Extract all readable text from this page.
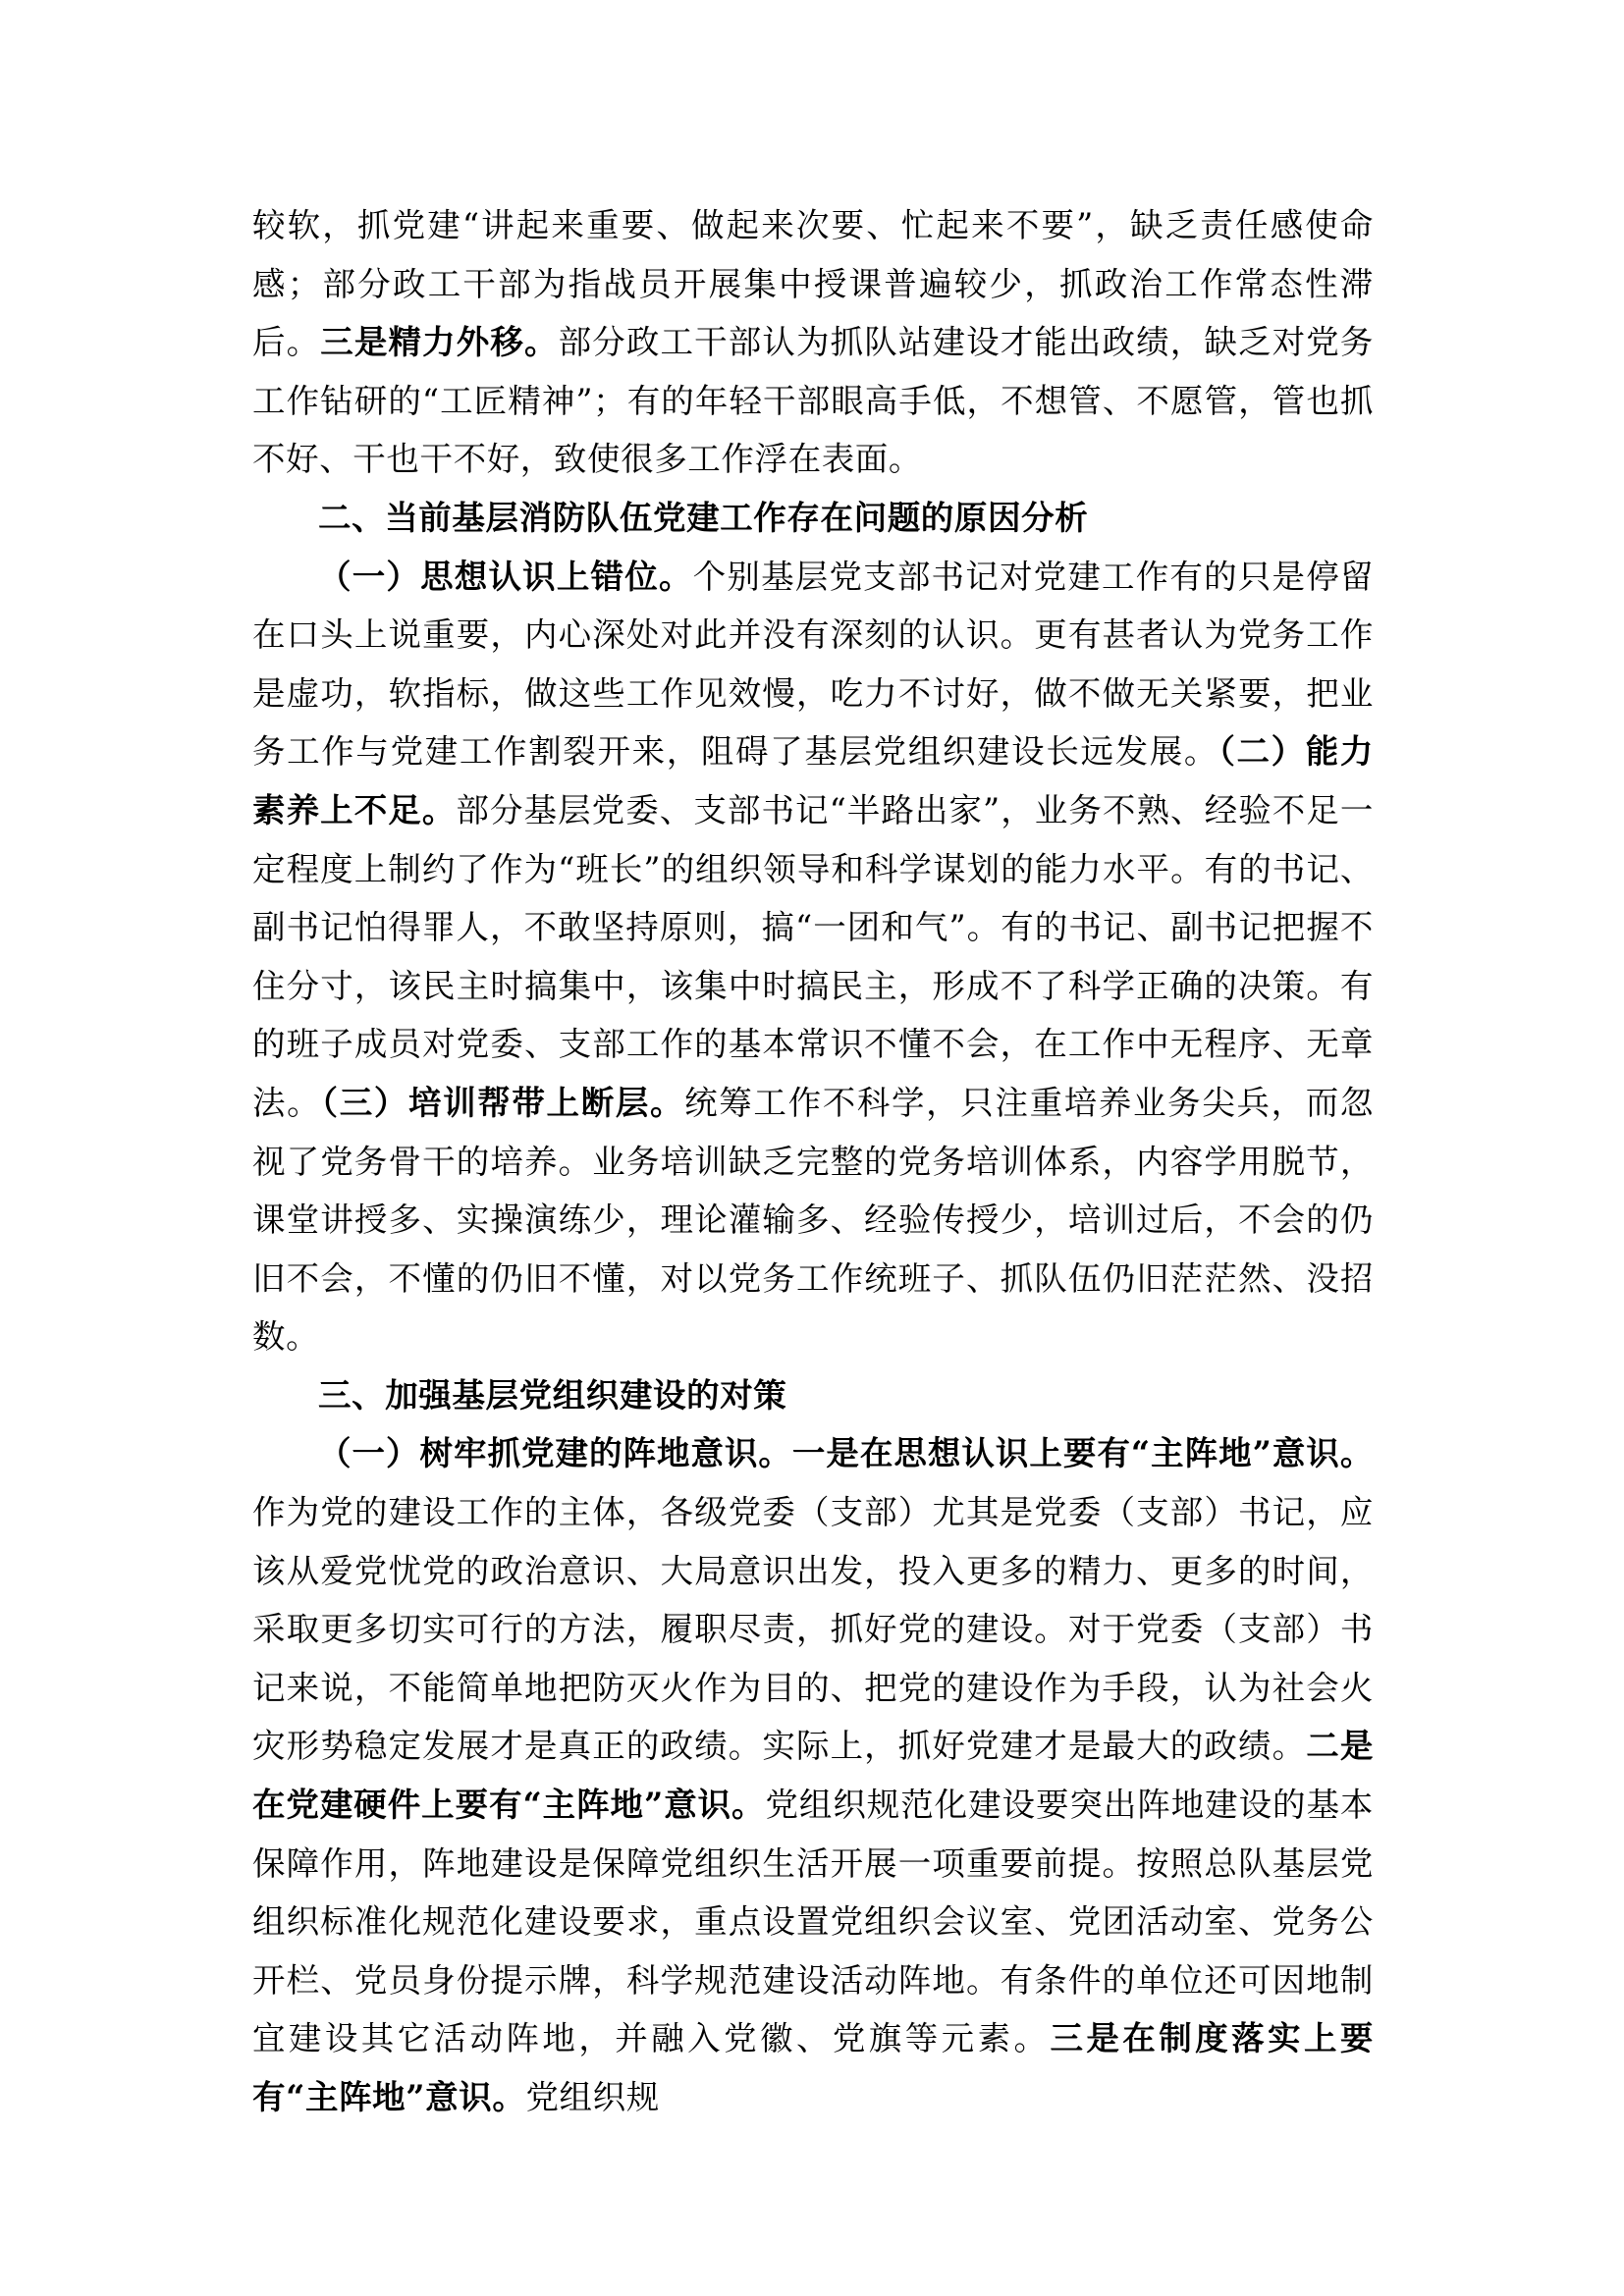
较软，抓党建“讲起来重要、做起来次要、忙起来不要”，缺乏责任感使命感；部分政工干部为指战员开展集中授课普遍较少，抓政治工作常态性滞后。三是精力外移。部分政工干部认为抓队站建设才能出政绩，缺乏对党务工作钻研的“工匠精神”；有的年轻干部眼高手低，不想管、不愿管，管也抓不好、干也干不好，致使很多工作浮在表面。

二、当前基层消防队伍党建工作存在问题的原因分析

（一）思想认识上错位。个别基层党支部书记对党建工作有的只是停留在口头上说重要，内心深处对此并没有深刻的认识。更有甚者认为党务工作是虚功，软指标，做这些工作见效慢，吃力不讨好，做不做无关紧要，把业务工作与党建工作割裂开来，阻碍了基层党组织建设长远发展。（二）能力素养上不足。部分基层党委、支部书记“半路出家”，业务不熟、经验不足一定程度上制约了作为“班长”的组织领导和科学谋划的能力水平。有的书记、副书记怕得罪人，不敢坚持原则，搞“一团和气”。有的书记、副书记把握不住分寸，该民主时搞集中，该集中时搞民主，形成不了科学正确的决策。有的班子成员对党委、支部工作的基本常识不懂不会，在工作中无程序、无章法。（三）培训帮带上断层。统筹工作不科学，只注重培养业务尖兵，而忽视了党务骨干的培养。业务培训缺乏完整的党务培训体系，内容学用脱节，课堂讲授多、实操演练少，理论灌输多、经验传授少，培训过后，不会的仍旧不会，不懂的仍旧不懂，对以党务工作统班子、抓队伍仍旧茫茫然、没招数。

三、加强基层党组织建设的对策

（一）树牢抓党建的阵地意识。一是在思想认识上要有“主阵地”意识。作为党的建设工作的主体，各级党委（支部）尤其是党委（支部）书记，应该从爱党忧党的政治意识、大局意识出发，投入更多的精力、更多的时间，采取更多切实可行的方法，履职尽责，抓好党的建设。对于党委（支部）书记来说，不能简单地把防灭火作为目的、把党的建设作为手段，认为社会火灾形势稳定发展才是真正的政绩。实际上，抓好党建才是最大的政绩。二是在党建硬件上要有“主阵地”意识。党组织规范化建设要突出阵地建设的基本保障作用，阵地建设是保障党组织生活开展一项重要前提。按照总队基层党组织标准化规范化建设要求，重点设置党组织会议室、党团活动室、党务公开栏、党员身份提示牌，科学规范建设活动阵地。有条件的单位还可因地制宜建设其它活动阵地，并融入党徽、党旗等元素。三是在制度落实上要有“主阵地”意识。党组织规
